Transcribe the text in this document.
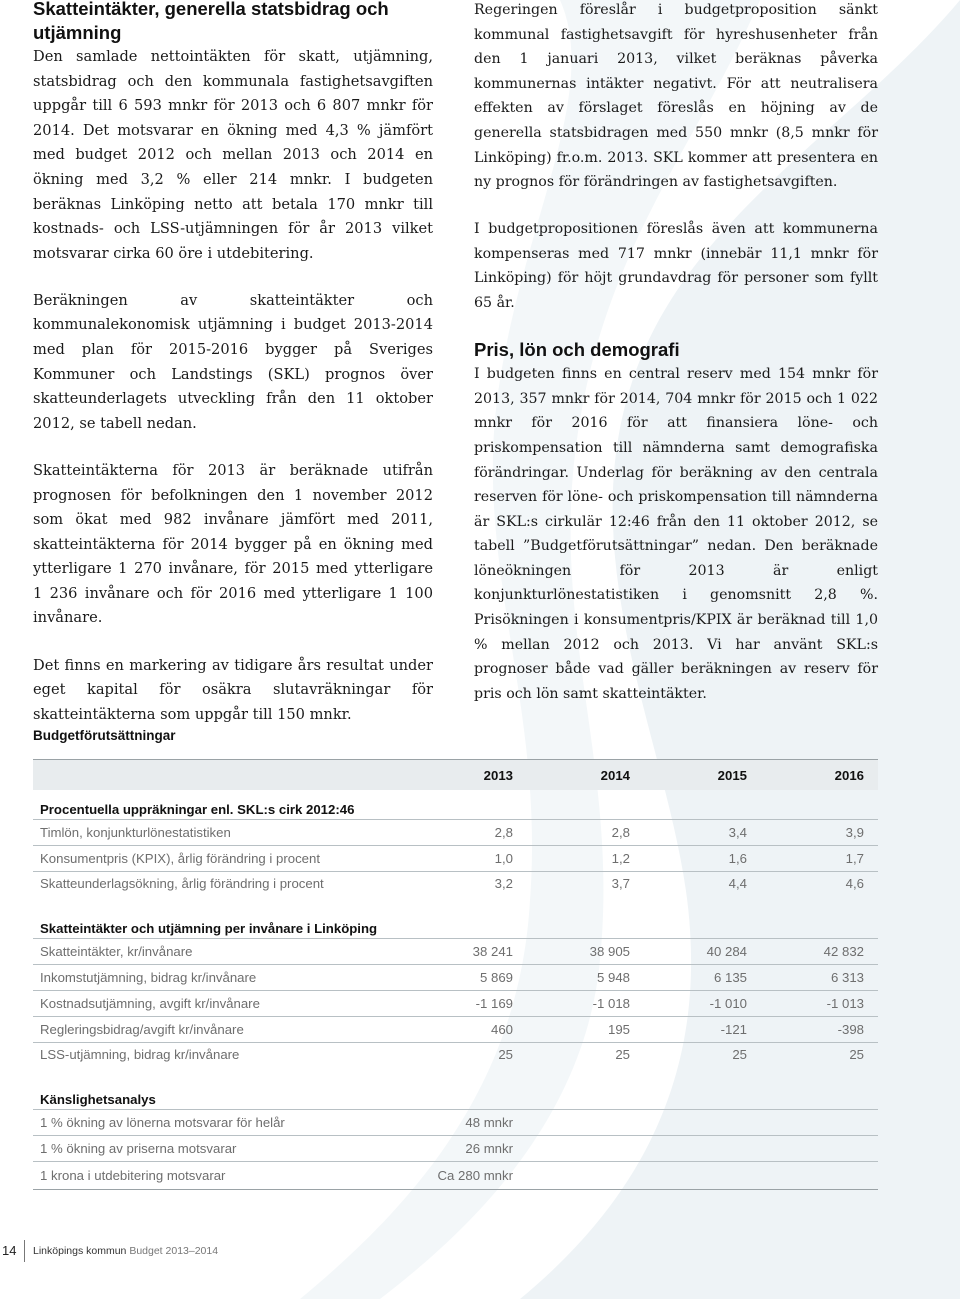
Skatteintäkter, generella statsbidrag och utjämning

Den samlade nettointäkten för skatt, utjämning, statsbidrag och den kommunala fastighetsavgiften uppgår till 6 593 mnkr för 2013 och 6 807 mnkr för 2014. Det motsvarar en ökning med 4,3 % jämfört med budget 2012 och mellan 2013 och 2014 en ökning med 3,2 % eller 214 mnkr. I budgeten beräknas Linköping netto att betala 170 mnkr till kostnads- och LSS-utjämningen för år 2013 vilket motsvarar cirka 60 öre i utdebitering.

Beräkningen av skatteintäkter och kommunalekonomisk utjämning i budget 2013-2014 med plan för 2015-2016 bygger på Sveriges Kommuner och Landstings (SKL) prognos över skatteunderlagets utveckling från den 11 oktober 2012, se tabell nedan.

Skatteintäkterna för 2013 är beräknade utifrån prognosen för befolkningen den 1 november 2012 som ökat med 982 invånare jämfört med 2011, skatteintäkterna för 2014 bygger på en ökning med ytterligare 1 270 invånare, för 2015 med ytterligare 1 236 invånare och för 2016 med ytterligare 1 100 invånare.

Det finns en markering av tidigare års resultat under eget kapital för osäkra slutavräkningar för skatteintäkterna som uppgår till 150 mnkr.

Regeringen föreslår i budgetproposition sänkt kommunal fastighetsavgift för hyreshusenheter från den 1 januari 2013, vilket beräknas påverka kommunernas intäkter negativt. För att neutralisera effekten av förslaget föreslås en höjning av de generella statsbidragen med 550 mnkr (8,5 mnkr för Linköping) fr.o.m. 2013. SKL kommer att presentera en ny prognos för förändringen av fastighetsavgiften.

I budgetpropositionen föreslås även att kommunerna kompenseras med 717 mnkr (innebär 11,1 mnkr för Linköping) för höjt grundavdrag för personer som fyllt 65 år.

Pris, lön och demografi

I budgeten finns en central reserv med 154 mnkr för 2013, 357 mnkr för 2014, 704 mnkr för 2015 och 1 022 mnkr för 2016 för att finansiera löne- och priskompensation till nämnderna samt demografiska förändringar. Underlag för beräkning av den centrala reserven för löne- och priskompensation till nämnderna är SKL:s cirkulär 12:46 från den 11 oktober 2012, se tabell ”Budgetförutsättningar” nedan. Den beräknade löneökningen för 2013 är enligt konjunkturlönestatistiken i genomsnitt 2,8 %. Prisökningen i konsumentpris/KPIX är beräknad till 1,0 % mellan 2012 och 2013. Vi har använt SKL:s prognoser både vad gäller beräkningen av reserv för pris och lön samt skatteintäkter.

Budgetförutsättningar
	2013	2014	2015	2016
Procentuella uppräkningar enl. SKL:s cirk 2012:46				
Timlön, konjunkturlönestatistiken	2,8	2,8	3,4	3,9
Konsumentpris (KPIX), årlig förändring i procent	1,0	1,2	1,6	1,7
Skatteunderlagsökning, årlig förändring i procent	3,2	3,7	4,4	4,6

Skatteintäkter och utjämning per invånare i Linköping				
Skatteintäkter, kr/invånare	38 241	38 905	40 284	42 832
Inkomstutjämning, bidrag kr/invånare	5 869	5 948	6 135	6 313
Kostnadsutjämning, avgift kr/invånare	-1 169	-1 018	-1 010	-1 013
Regleringsbidrag/avgift kr/invånare	460	195	-121	-398
LSS-utjämning, bidrag kr/invånare	25	25	25	25

Känslighetsanalys				
1 % ökning av lönerna motsvarar för helår	48 mnkr			
1 % ökning av priserna motsvarar	26 mnkr			
1 krona i utdebitering motsvarar	Ca 280 mnkr			
14 Linköpings kommun Budget 2013–2014
